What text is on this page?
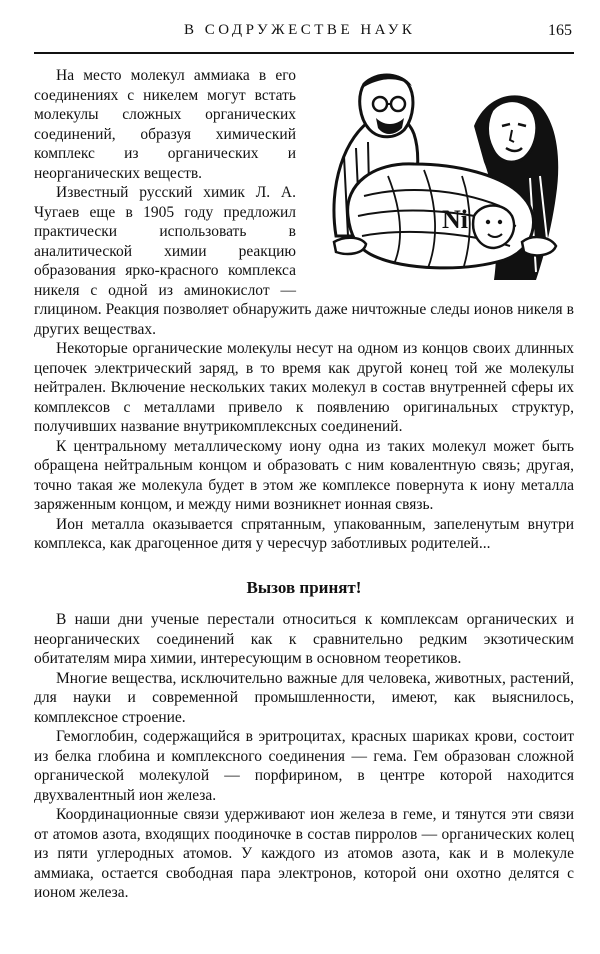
В СОДРУЖЕСТВЕ НАУК	165
Ni

На место молекул аммиака в его соединениях с никелем могут встать молекулы сложных органических соединений, образуя химический комплекс из органических и неорганических веществ.

Известный русский химик Л. А. Чугаев еще в 1905 году предложил практически использовать в аналитической химии реакцию образования ярко-красного комплекса никеля с одной из аминокислот — глицином. Реакция позволяет обнаружить даже ничтожные следы ионов никеля в других веществах.

Некоторые органические молекулы несут на одном из концов своих длинных цепочек электрический заряд, в то время как другой конец той же молекулы нейтрален. Включение нескольких таких молекул в состав внутренней сферы их комплексов с металлами привело к появлению оригинальных структур, получивших название внутрикомплексных соединений.

К центральному металлическому иону одна из таких молекул может быть обращена нейтральным концом и образовать с ним ковалентную связь; другая, точно такая же молекула будет в этом же комплексе повернута к иону металла заряженным концом, и между ними возникнет ионная связь.

Ион металла оказывается спрятанным, упакованным, запеленутым внутри комплекса, как драгоценное дитя у чересчур заботливых родителей...

Вызов принят!

В наши дни ученые перестали относиться к комплексам органических и неорганических соединений как к сравнительно редким экзотическим обитателям мира химии, интересующим в основном теоретиков.

Многие вещества, исключительно важные для человека, животных, растений, для науки и современной промышленности, имеют, как выяснилось, комплексное строение.

Гемоглобин, содержащийся в эритроцитах, красных шариках крови, состоит из белка глобина и комплексного соединения — гема. Гем образован сложной органической молекулой — порфирином, в центре которой находится двухвалентный ион железа.

Координационные связи удерживают ион железа в геме, и тянутся эти связи от атомов азота, входящих поодиночке в состав пирролов — органических колец из пяти углеродных атомов. У каждого из атомов азота, как и в молекуле аммиака, остается свободная пара электронов, которой они охотно делятся с ионом железа.
